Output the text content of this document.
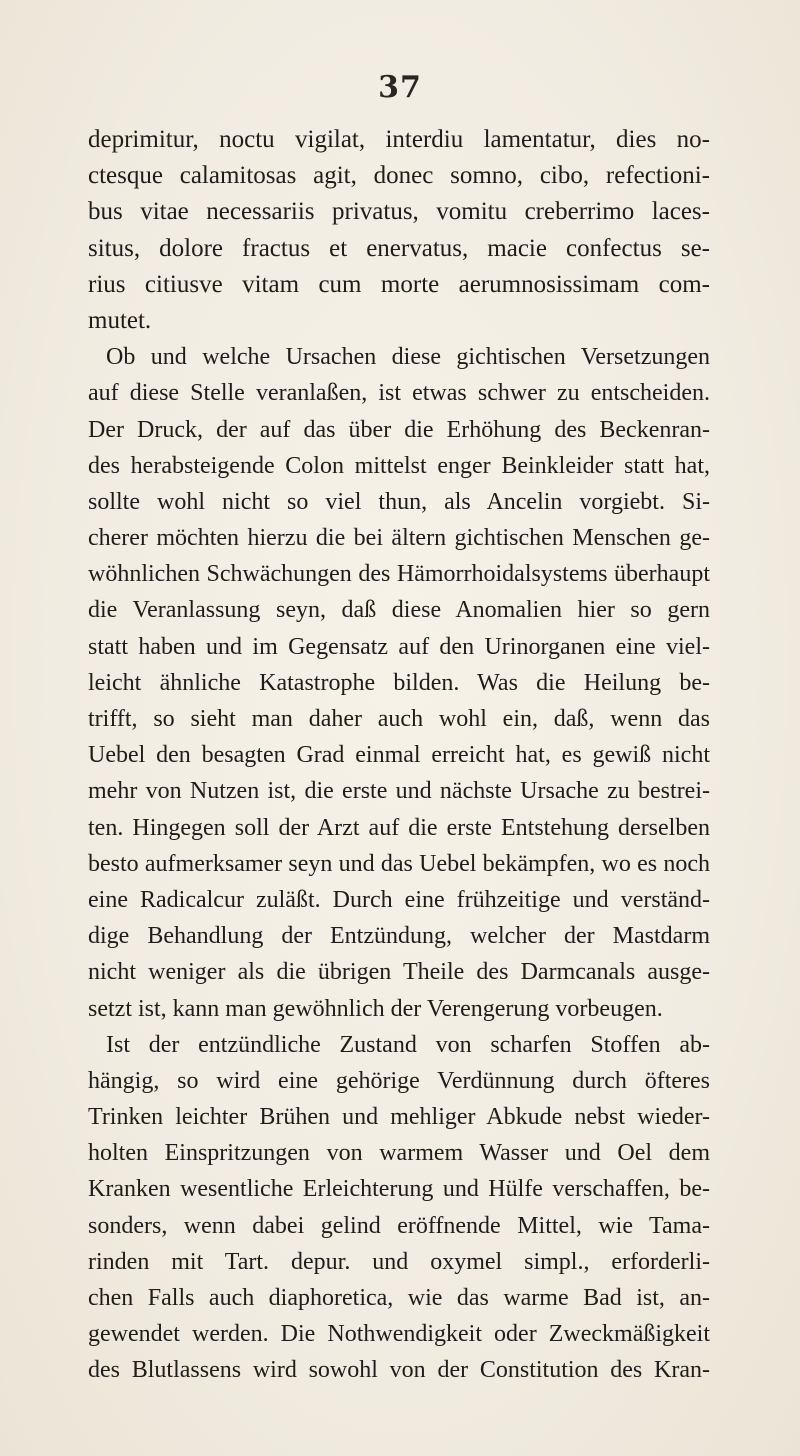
37
deprimitur, noctu vigilat, interdiu lamentatur, dies no-
ctesque calamitosas agit, donec somno, cibo, refectioni-
bus vitae necessariis privatus, vomitu creberrimo laces-
situs, dolore fractus et enervatus, macie confectus se-
rius citiusve vitam cum morte aerumnosissimam com-
mutet.
Ob und welche Ursachen diese gichtischen Versetzungen
auf diese Stelle veranlaßen, ist etwas schwer zu entscheiden.
Der Druck, der auf das über die Erhöhung des Beckenran-
des herabsteigende Colon mittelst enger Beinkleider statt hat,
sollte wohl nicht so viel thun, als Ancelin vorgiebt. Si-
cherer möchten hierzu die bei ältern gichtischen Menschen ge-
wöhnlichen Schwächungen des Hämorrhoidalsystems überhaupt
die Veranlassung seyn, daß diese Anomalien hier so gern
statt haben und im Gegensatz auf den Urinorganen eine viel-
leicht ähnliche Katastrophe bilden. Was die Heilung be-
trifft, so sieht man daher auch wohl ein, daß, wenn das
Uebel den besagten Grad einmal erreicht hat, es gewiß nicht
mehr von Nutzen ist, die erste und nächste Ursache zu bestrei-
ten. Hingegen soll der Arzt auf die erste Entstehung derselben
besto aufmerksamer seyn und das Uebel bekämpfen, wo es noch
eine Radicalcur zuläßt. Durch eine frühzeitige und verständ-
dige Behandlung der Entzündung, welcher der Mastdarm
nicht weniger als die übrigen Theile des Darmcanals ausge-
setzt ist, kann man gewöhnlich der Verengerung vorbeugen.
Ist der entzündliche Zustand von scharfen Stoffen ab-
hängig, so wird eine gehörige Verdünnung durch öfteres
Trinken leichter Brühen und mehliger Abkude nebst wieder-
holten Einspritzungen von warmem Wasser und Oel dem
Kranken wesentliche Erleichterung und Hülfe verschaffen, be-
sonders, wenn dabei gelind eröffnende Mittel, wie Tama-
rinden mit Tart. depur. und oxymel simpl., erforderli-
chen Falls auch diaphoretica, wie das warme Bad ist, an-
gewendet werden. Die Nothwendigkeit oder Zweckmäßigkeit
des Blutlassens wird sowohl von der Constitution des Kran-
